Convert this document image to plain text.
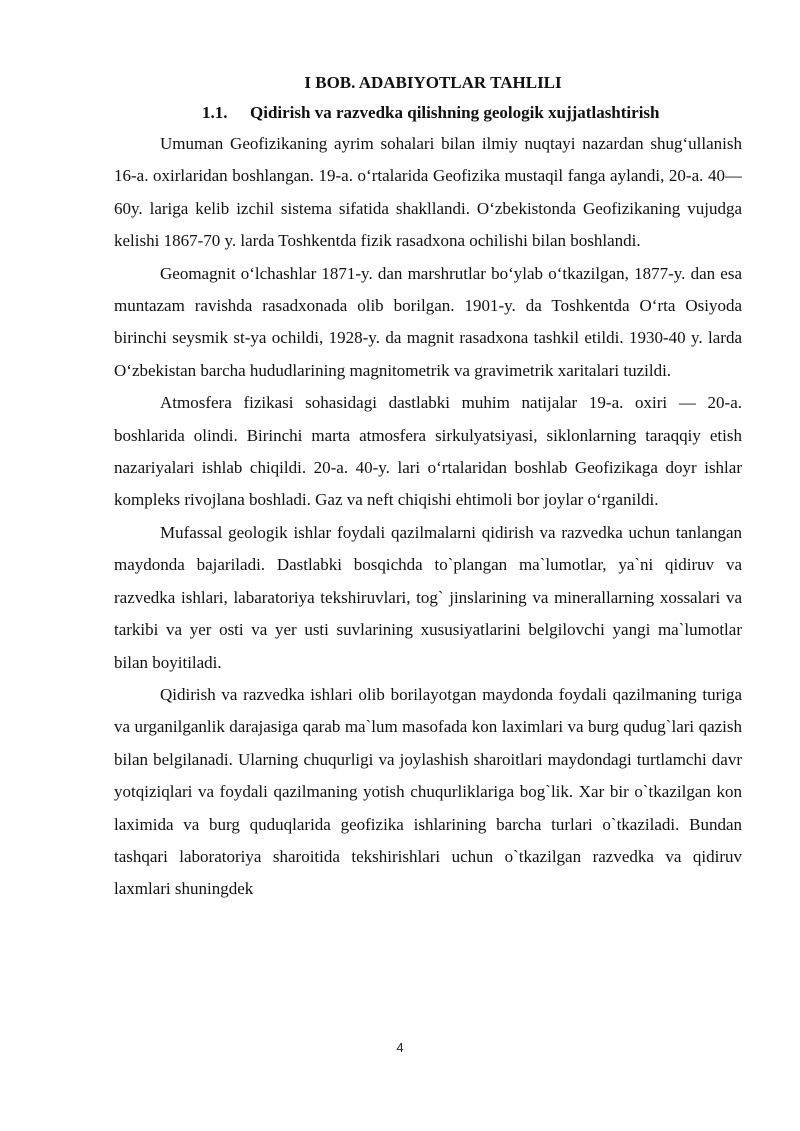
I BOB. ADABIYOTLAR TAHLILI
1.1. Qidirish va razvedka qilishning geologik xujjatlashtirish

Umuman Geofizikaning ayrim sohalari bilan ilmiy nuqtayi nazardan shug‘ullanish 16-a. oxirlaridan boshlangan. 19-a. o‘rtalarida Geofizika mustaqil fanga aylandi, 20-a. 40—60y. lariga kelib izchil sistema sifatida shakllandi. O‘zbekistonda Geofizikaning vujudga kelishi 1867-70 y. larda Toshkentda fizik rasadxona ochilishi bilan boshlandi.

Geomagnit o‘lchashlar 1871-y. dan marshrutlar bo‘ylab o‘tkazilgan, 1877-y. dan esa muntazam ravishda rasadxonada olib borilgan. 1901-y. da Toshkentda O‘rta Osiyoda birinchi seysmik st-ya ochildi, 1928-y. da magnit rasadxona tashkil etildi. 1930-40 y. larda O‘zbekistan barcha hududlarining magnitometrik va gravimetrik xaritalari tuzildi.

Atmosfera fizikasi sohasidagi dastlabki muhim natijalar 19-a. oxiri — 20-a. boshlarida olindi. Birinchi marta atmosfera sirkulyatsiyasi, siklonlarning taraqqiy etish nazariyalari ishlab chiqildi. 20-a. 40-y. lari o‘rtalaridan boshlab Geofizikaga doyr ishlar kompleks rivojlana boshladi. Gaz va neft chiqishi ehtimoli bor joylar o‘rganildi.

Mufassal geologik ishlar foydali qazilmalarni qidirish va razvedka uchun tanlangan maydonda bajariladi. Dastlabki bosqichda to`plangan ma`lumotlar, ya`ni qidiruv va razvedka ishlari, labaratoriya tekshiruvlari, tog` jinslarining va minerallarning xossalari va tarkibi va yer osti va yer usti suvlarining xususiyatlarini belgilovchi yangi ma`lumotlar bilan boyitiladi.

Qidirish va razvedka ishlari olib borilayotgan maydonda foydali qazilmaning turiga va urganilganlik darajasiga qarab ma`lum masofada kon laximlari va burg qudug`lari qazish bilan belgilanadi. Ularning chuqurligi va joylashish sharoitlari maydondagi turtlamchi davr yotqiziqlari va foydali qazilmaning yotish chuqurliklariga bog`lik. Xar bir o`tkazilgan kon laximida va burg quduqlarida geofizika ishlarining barcha turlari o`tkaziladi. Bundan tashqari laboratoriya sharoitida tekshirishlari uchun o`tkazilgan razvedka va qidiruv laxmlari shuningdek

4
